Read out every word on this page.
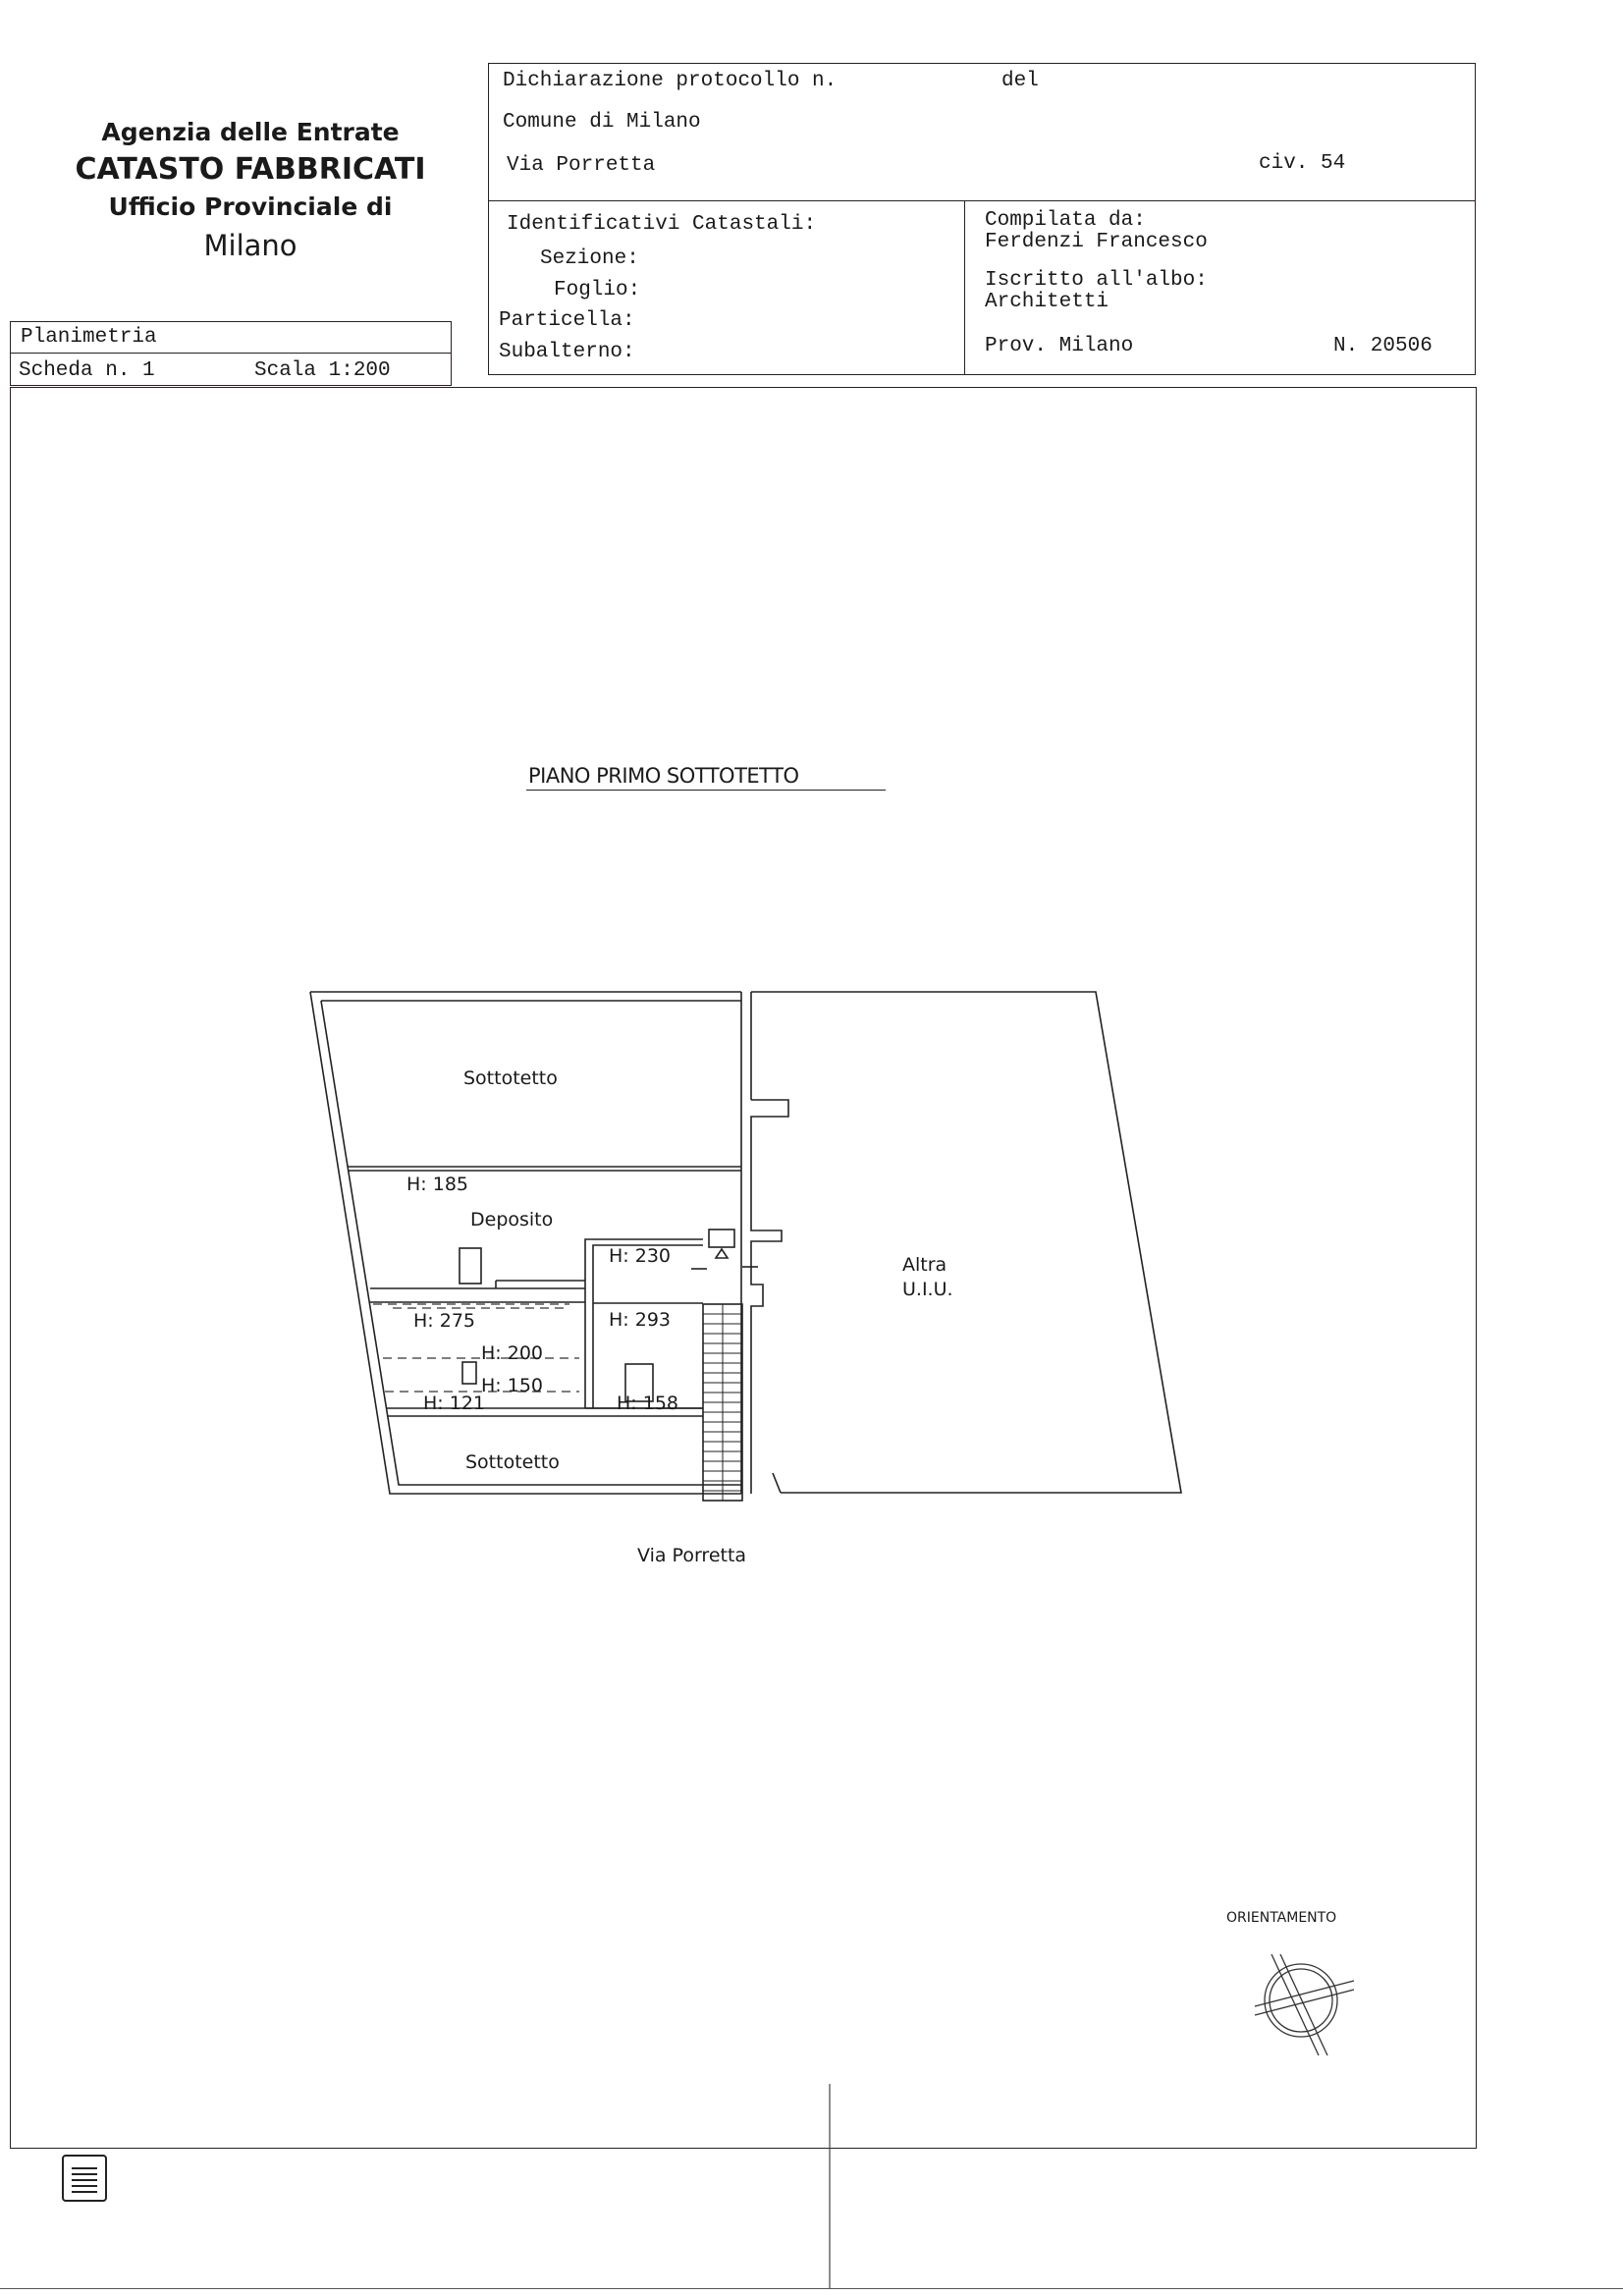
Agenzia delle Entrate
CATASTO FABBRICATI
Ufficio Provinciale di
Milano
Planimetria
Scheda n. 1	Scala 1:200
Dichiarazione protocollo n.	del
Comune di Milano
Via Porretta	civ. 54
Identificativi Catastali:
Sezione:
Foglio:
Particella:
Subalterno:
Compilata da:
Ferdenzi Francesco
Iscritto all'albo:
Architetti
Prov. Milano	N. 20506
PIANO PRIMO SOTTOTETTO
Sottotetto
H: 185
Deposito
H: 230
H: 275	H: 293
H: 200
H: 150
H: 121	H: 158
Sottotetto
Altra
U.I.U.
Via Porretta
ORIENTAMENTO
